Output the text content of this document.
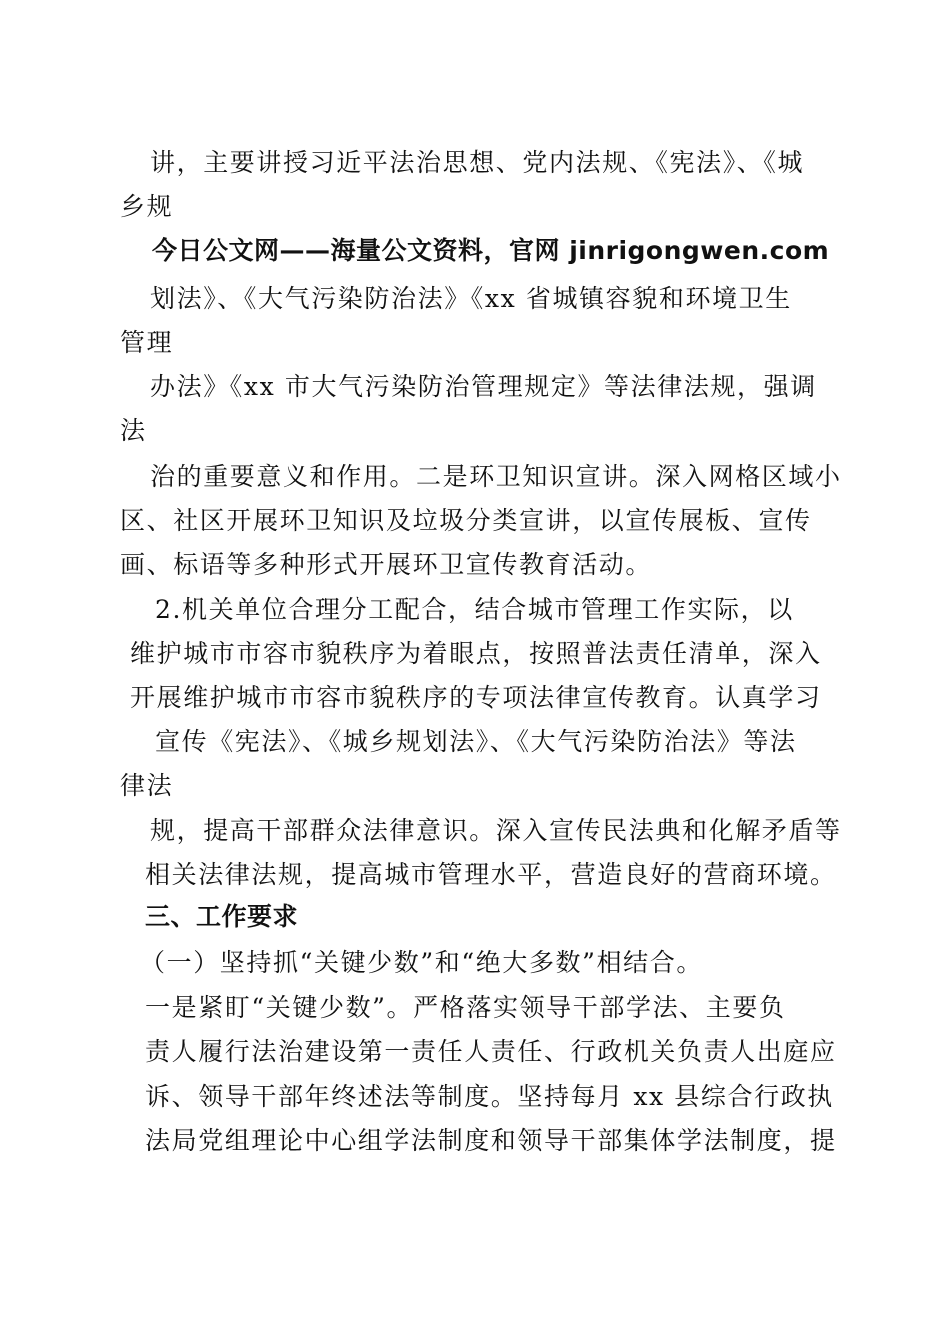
讲，主要讲授习近平法治思想、党内法规、《宪法》、《城
乡规
今日公文网——海量公文资料，官网 jinrigongwen.com
划法》、《大气污染防治法》《xx 省城镇容貌和环境卫生
管理
办法》《xx 市大气污染防治管理规定》等法律法规，强调
法
治的重要意义和作用。二是环卫知识宣讲。深入网格区域小
区、社区开展环卫知识及垃圾分类宣讲，以宣传展板、宣传
画、标语等多种形式开展环卫宣传教育活动。
2.机关单位合理分工配合，结合城市管理工作实际，以
维护城市市容市貌秩序为着眼点，按照普法责任清单，深入
开展维护城市市容市貌秩序的专项法律宣传教育。认真学习
宣传《宪法》、《城乡规划法》、《大气污染防治法》等法
律法
规，提高干部群众法律意识。深入宣传民法典和化解矛盾等
相关法律法规，提高城市管理水平，营造良好的营商环境。
三、工作要求
（一）坚持抓“关键少数”和“绝大多数”相结合。
一是紧盯“关键少数”。严格落实领导干部学法、主要负
责人履行法治建设第一责任人责任、行政机关负责人出庭应
诉、领导干部年终述法等制度。坚持每月 xx 县综合行政执
法局党组理论中心组学法制度和领导干部集体学法制度，提
